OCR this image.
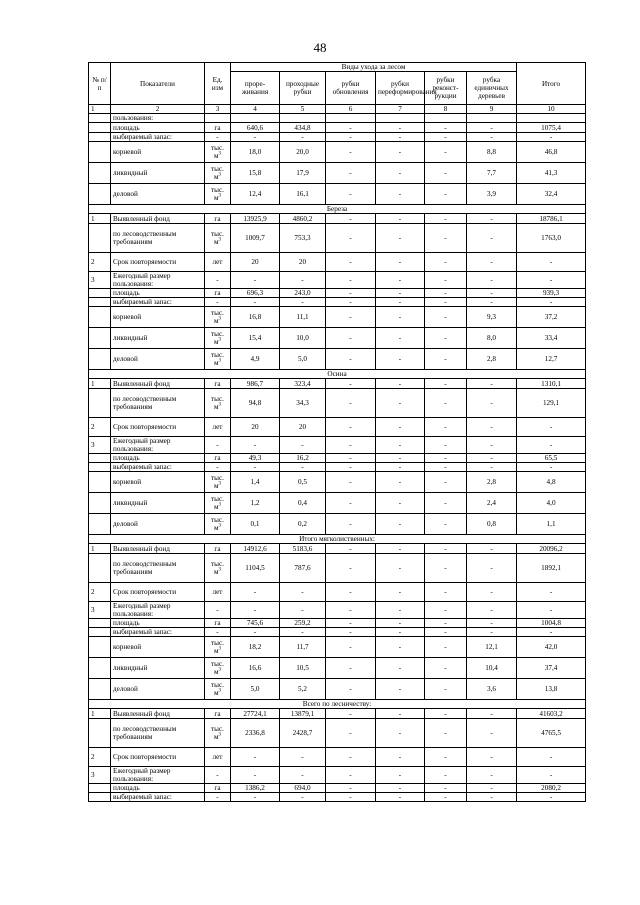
48
№ п/п	Показатели	Ед. изм	Виды ухода за лесом						Итого
			прорe-живания	проходные рубки	рубки обновления	рубки переформирования	рубки реконст-рукции	рубка единичных деревьев	
1	2	3	4	5	6	7	8	9	10
	пользования:								
	площадь	га	640,6	434,8	-	-	-	-	1075,4
	выбираемый запас:	-	-	-	-	-	-	-	-
	корневой	тыс. $м^3$	18,0	20,0	-	-	-	8,8	46,8
	ликвидный	тыс. $м^3$	15,8	17,9	-	-	-	7,7	41,3
	деловой	тыс. $м^3$	12,4	16,1	-	-	-	3,9	32,4
Береза									
1	Выявленный фонд	га	13925,9	4860,2	-	-	-	-	18786,1
	по лесоводственным требованиям	тыс. $м^3$	1009,7	753,3	-	-	-	-	1763,0
2	Срок повторяемости	лет	20	20	-	-	-	-	-
3	Ежегодный размер пользования:	-	-	-	-	-	-	-	-
	площадь	га	696,3	243,0	-	-	-	-	939,3
	выбираемый запас:	-	-	-	-	-	-	-	-
	корневой	тыс. $м^3$	16,8	11,1	-	-	-	9,3	37,2
	ликвидный	тыс. $м^3$	15,4	10,0	-	-	-	8,0	33,4
	деловой	тыс. $м^3$	4,9	5,0	-	-	-	2,8	12,7
Осина									
1	Выявленный фонд	га	986,7	323,4	-	-	-	-	1310,1
	по лесоводственным требованиям	тыс. $м^3$	94,8	34,3	-	-	-	-	129,1
2	Срок повторяемости	лет	20	20	-	-	-	-	-
3	Ежегодный размер пользования:	-	-	-	-	-	-	-	-
	площадь	га	49,3	16,2	-	-	-	-	65,5
	выбираемый запас:	-	-	-	-	-	-	-	-
	корневой	тыс. $м^3$	1,4	0,5	-	-	-	2,8	4,8
	ликвидный	тыс. $м^3$	1,2	0,4	-	-	-	2,4	4,0
	деловой	тыс. $м^3$	0,1	0,2	-	-	-	0,8	1,1
Итого мягколиственных:									
1	Выявленный фонд	га	14912,6	5183,6	-	-	-	-	20096,2
	по лесоводственным требованиям	тыс. $м^3$	1104,5	787,6	-	-	-	-	1892,1
2	Срок повторяемости	лет	-	-	-	-	-	-	-
3	Ежегодный размер пользования:	-	-	-	-	-	-	-	-
	площадь	га	745,6	259,2	-	-	-	-	1004,8
	выбираемый запас:	-	-	-	-	-	-	-	-
	корневой	тыс. $м^3$	18,2	11,7	-	-	-	12,1	42,0
	ликвидный	тыс. $м^3$	16,6	10,5	-	-	-	10,4	37,4
	деловой	тыс. $м^3$	5,0	5,2	-	-	-	3,6	13,8
Всего по лесничеству:									
1	Выявленный фонд	га	27724,1	13879,1	-	-	-	-	41603,2
	по лесоводственным требованиям	тыс. $м^3$	2336,8	2428,7	-	-	-	-	4765,5
2	Срок повторяемости	лет	-	-	-	-	-	-	-
3	Ежегодный размер пользования:	-	-	-	-	-	-	-	-
	площадь	га	1386,2	694,0	-	-	-	-	2080,2
	выбираемый запас:	-	-	-	-	-	-	-	-
